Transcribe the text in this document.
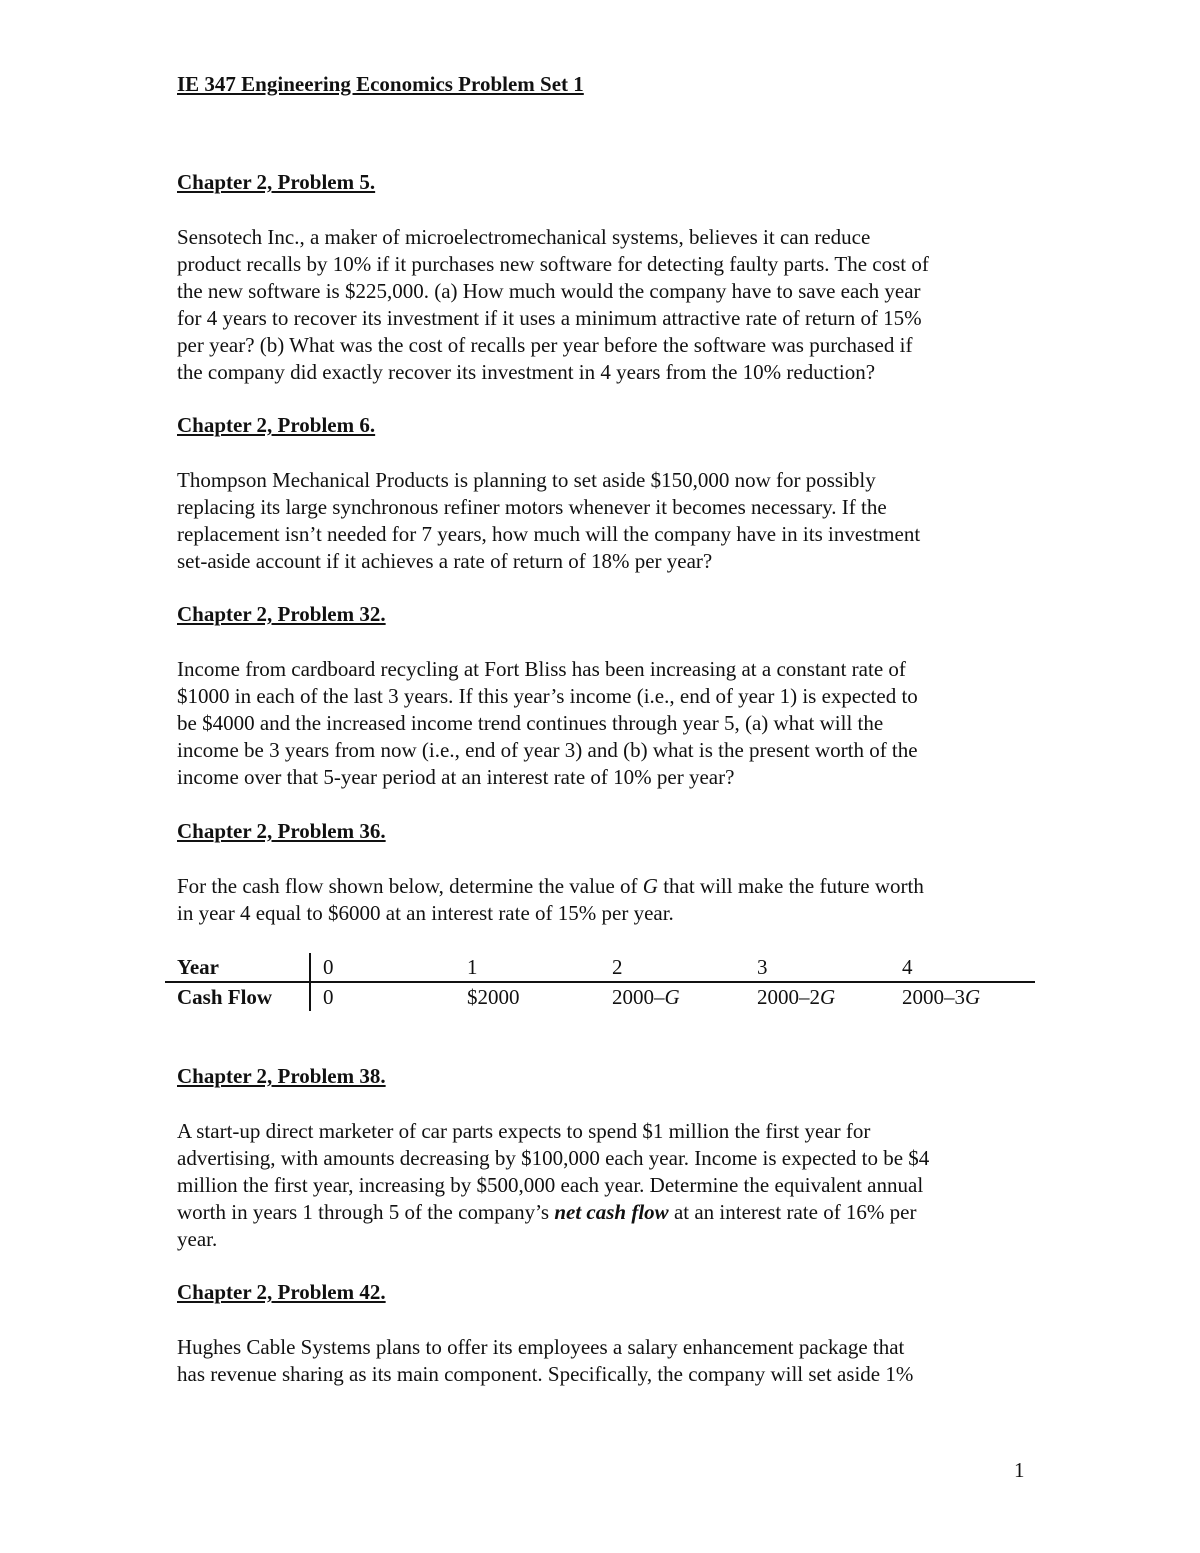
IE 347 Engineering Economics Problem Set 1
Chapter 2, Problem 5.

Sensotech Inc., a maker of microelectromechanical systems, believes it can reduce
product recalls by 10% if it purchases new software for detecting faulty parts. The cost of
the new software is $225,000. (a) How much would the company have to save each year
for 4 years to recover its investment if it uses a minimum attractive rate of return of 15%
per year? (b) What was the cost of recalls per year before the software was purchased if
the company did exactly recover its investment in 4 years from the 10% reduction?

Chapter 2, Problem 6.

Thompson Mechanical Products is planning to set aside $150,000 now for possibly
replacing its large synchronous refiner motors whenever it becomes necessary. If the
replacement isn’t needed for 7 years, how much will the company have in its investment
set-aside account if it achieves a rate of return of 18% per year?

Chapter 2, Problem 32.

Income from cardboard recycling at Fort Bliss has been increasing at a constant rate of
$1000 in each of the last 3 years. If this year’s income (i.e., end of year 1) is expected to
be $4000 and the increased income trend continues through year 5, (a) what will the
income be 3 years from now (i.e., end of year 3) and (b) what is the present worth of the
income over that 5-year period at an interest rate of 10% per year?

Chapter 2, Problem 36.

For the cash flow shown below, determine the value of G that will make the future worth
in year 4 equal to $6000 at an interest rate of 15% per year.

Year	0	1	2	3	4
Cash Flow	0	$2000	2000–G	2000–2G	2000–3G
Chapter 2, Problem 38.

A start-up direct marketer of car parts expects to spend $1 million the first year for
advertising, with amounts decreasing by $100,000 each year. Income is expected to be $4
million the first year, increasing by $500,000 each year. Determine the equivalent annual
worth in years 1 through 5 of the company’s net cash flow at an interest rate of 16% per
year.

Chapter 2, Problem 42.

Hughes Cable Systems plans to offer its employees a salary enhancement package that
has revenue sharing as its main component. Specifically, the company will set aside 1%

1
